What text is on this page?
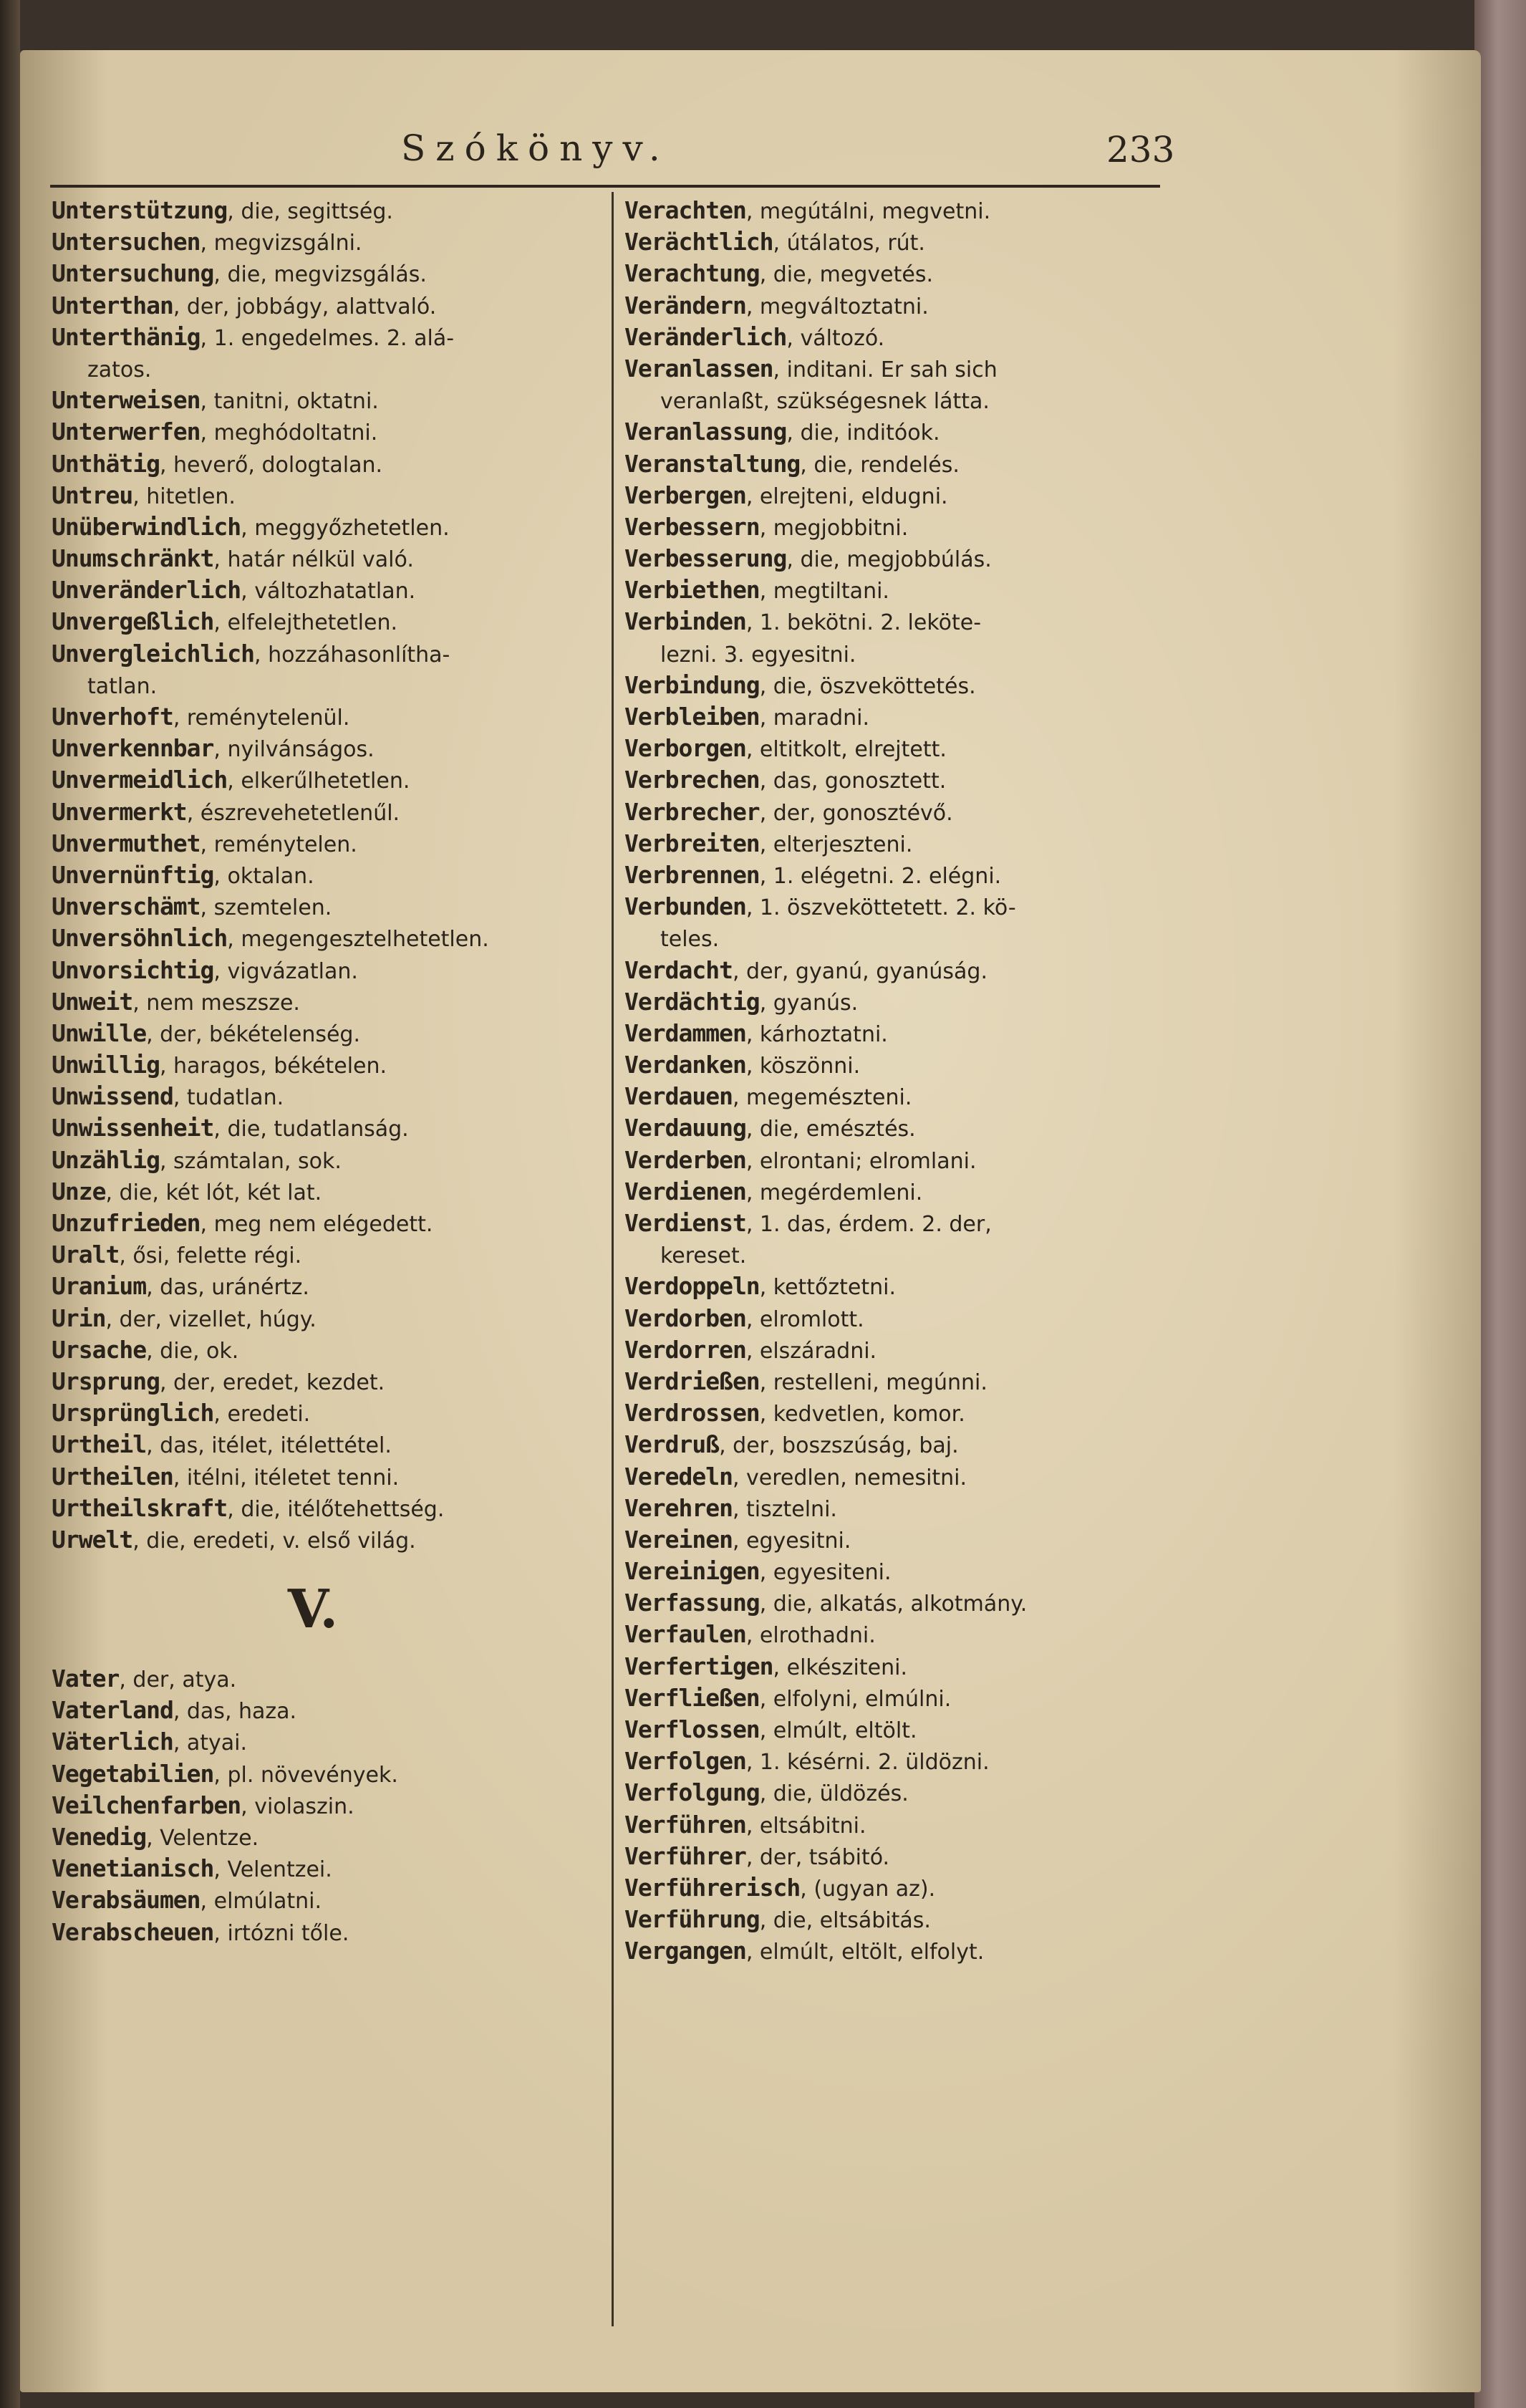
Szókönyv.	233
Unterstützung, die, segittség.
Untersuchen, megvizsgálni.
Untersuchung, die, megvizsgálás.
Unterthan, der, jobbágy, alattvaló.
Unterthänig, 1. engedelmes. 2. alá-
zatos.
Unterweisen, tanitni, oktatni.
Unterwerfen, meghódoltatni.
Unthätig, heverő, dologtalan.
Untreu, hitetlen.
Unüberwindlich, meggyőzhetetlen.
Unumschränkt, határ nélkül való.
Unveränderlich, változhatatlan.
Unvergeßlich, elfelejthetetlen.
Unvergleichlich, hozzáhasonlítha-
tatlan.
Unverhoft, reménytelenül.
Unverkennbar, nyilvánságos.
Unvermeidlich, elkerűlhetetlen.
Unvermerkt, észrevehetetlenűl.
Unvermuthet, reménytelen.
Unvernünftig, oktalan.
Unverschämt, szemtelen.
Unversöhnlich, megengesztelhetetlen.
Unvorsichtig, vigvázatlan.
Unweit, nem meszsze.
Unwille, der, békételenség.
Unwillig, haragos, békételen.
Unwissend, tudatlan.
Unwissenheit, die, tudatlanság.
Unzählig, számtalan, sok.
Unze, die, két lót, két lat.
Unzufrieden, meg nem elégedett.
Uralt, ősi, felette régi.
Uranium, das, uránértz.
Urin, der, vizellet, húgy.
Ursache, die, ok.
Ursprung, der, eredet, kezdet.
Ursprünglich, eredeti.
Urtheil, das, itélet, itélettétel.
Urtheilen, itélni, itéletet tenni.
Urtheilskraft, die, itélőtehettség.
Urwelt, die, eredeti, v. első világ.
V.
Vater, der, atya.
Vaterland, das, haza.
Väterlich, atyai.
Vegetabilien, pl. növevények.
Veilchenfarben, violaszin.
Venedig, Velentze.
Venetianisch, Velentzei.
Verabsäumen, elmúlatni.
Verabscheuen, irtózni tőle.
Verachten, megútálni, megvetni.
Verächtlich, útálatos, rút.
Verachtung, die, megvetés.
Verändern, megváltoztatni.
Veränderlich, változó.
Veranlassen, inditani. Er sah sich
veranlaßt, szükségesnek látta.
Veranlassung, die, inditóok.
Veranstaltung, die, rendelés.
Verbergen, elrejteni, eldugni.
Verbessern, megjobbitni.
Verbesserung, die, megjobbúlás.
Verbiethen, megtiltani.
Verbinden, 1. bekötni. 2. leköte-
lezni. 3. egyesitni.
Verbindung, die, öszveköttetés.
Verbleiben, maradni.
Verborgen, eltitkolt, elrejtett.
Verbrechen, das, gonosztett.
Verbrecher, der, gonosztévő.
Verbreiten, elterjeszteni.
Verbrennen, 1. elégetni. 2. elégni.
Verbunden, 1. öszveköttetett. 2. kö-
teles.
Verdacht, der, gyanú, gyanúság.
Verdächtig, gyanús.
Verdammen, kárhoztatni.
Verdanken, köszönni.
Verdauen, megemészteni.
Verdauung, die, emésztés.
Verderben, elrontani; elromlani.
Verdienen, megérdemleni.
Verdienst, 1. das, érdem. 2. der,
kereset.
Verdoppeln, kettőztetni.
Verdorben, elromlott.
Verdorren, elszáradni.
Verdrießen, restelleni, megúnni.
Verdrossen, kedvetlen, komor.
Verdruß, der, boszszúság, baj.
Veredeln, veredlen, nemesitni.
Verehren, tisztelni.
Vereinen, egyesitni.
Vereinigen, egyesiteni.
Verfassung, die, alkatás, alkotmány.
Verfaulen, elrothadni.
Verfertigen, elkésziteni.
Verfließen, elfolyni, elmúlni.
Verflossen, elmúlt, eltölt.
Verfolgen, 1. késérni. 2. üldözni.
Verfolgung, die, üldözés.
Verführen, eltsábitni.
Verführer, der, tsábitó.
Verführerisch, (ugyan az).
Verführung, die, eltsábitás.
Vergangen, elmúlt, eltölt, elfolyt.
